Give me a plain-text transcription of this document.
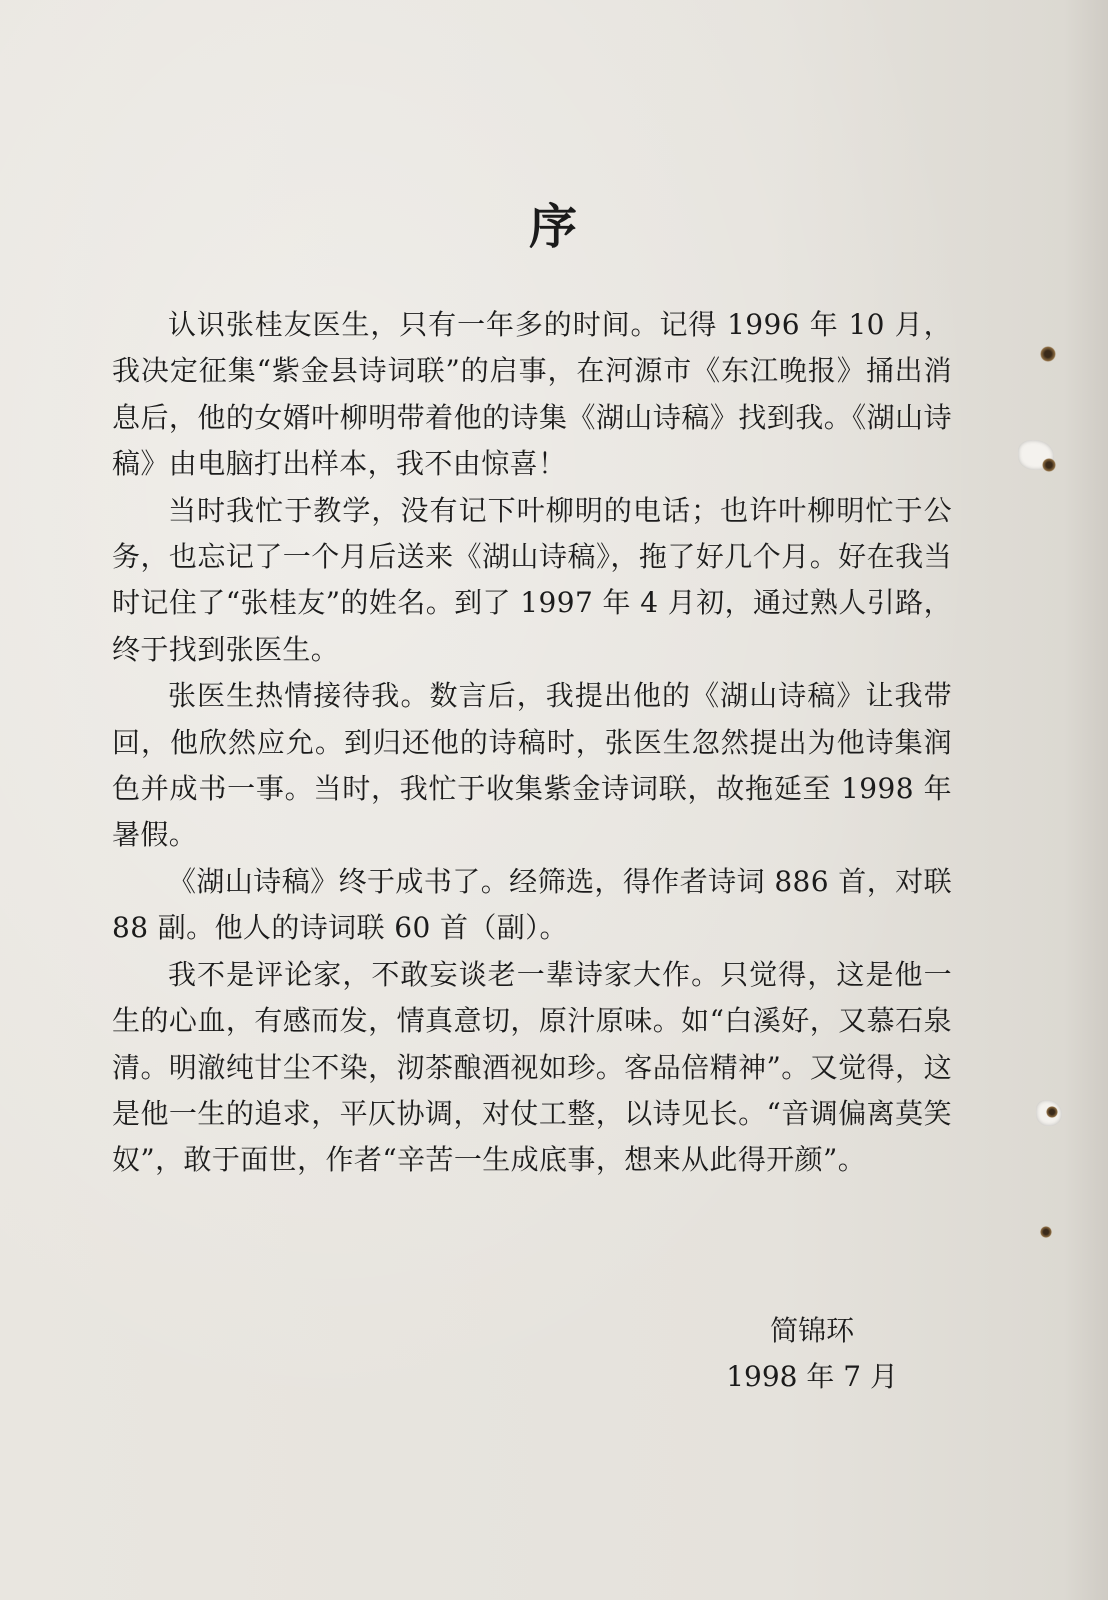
序

认识张桂友医生，只有一年多的时间。记得 1996 年 10 月，我决定征集“紫金县诗词联”的启事，在河源市《东江晚报》捅出消息后，他的女婿叶柳明带着他的诗集《湖山诗稿》找到我。《湖山诗稿》由电脑打出样本，我不由惊喜！

当时我忙于教学，没有记下叶柳明的电话；也许叶柳明忙于公务，也忘记了一个月后送来《湖山诗稿》，拖了好几个月。好在我当时记住了“张桂友”的姓名。到了 1997 年 4 月初，通过熟人引路，终于找到张医生。

张医生热情接待我。数言后，我提出他的《湖山诗稿》让我带回，他欣然应允。到归还他的诗稿时，张医生忽然提出为他诗集润色并成书一事。当时，我忙于收集紫金诗词联，故拖延至 1998 年暑假。

《湖山诗稿》终于成书了。经筛选，得作者诗词 886 首，对联 88 副。他人的诗词联 60 首（副）。

我不是评论家，不敢妄谈老一辈诗家大作。只觉得，这是他一生的心血，有感而发，情真意切，原汁原味。如“白溪好，又慕石泉清。明澈纯甘尘不染，沏茶酿酒视如珍。客品倍精神”。又觉得，这是他一生的追求，平仄协调，对仗工整，以诗见长。“音调偏离莫笑奴”，敢于面世，作者“辛苦一生成底事，想来从此得开颜”。

简锦环
1998 年 7 月
